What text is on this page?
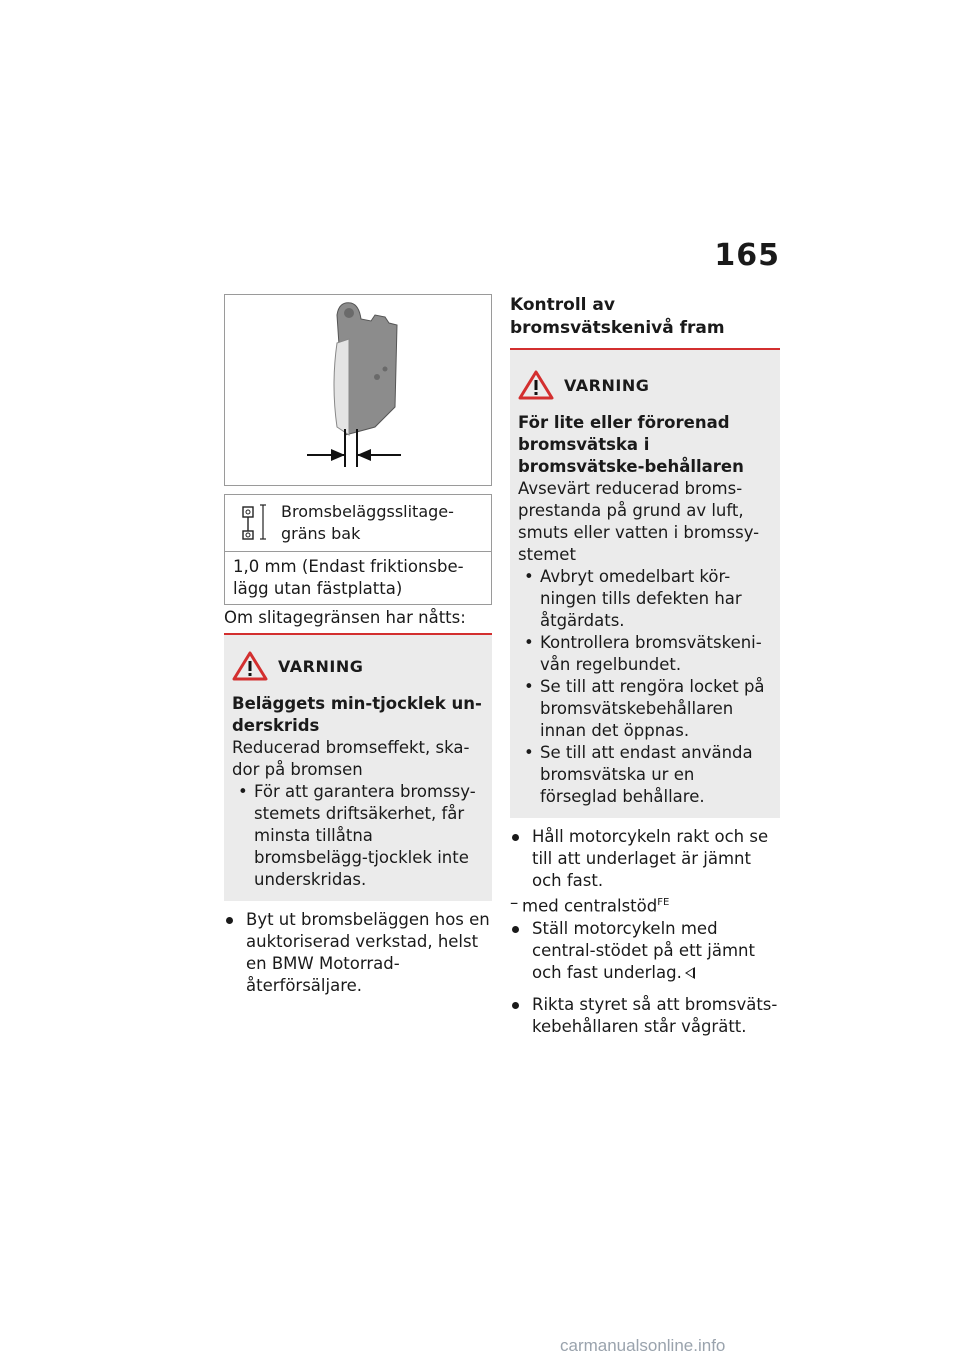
165
Bromsbeläggsslitage-gräns bak
1,0 mm (Endast friktionsbe-lägg utan fästplatta)
Om slitagegränsen har nåtts:
VARNING
Beläggets min-tjocklek un-derskrids
Reducerad bromseffekt, ska-dor på bromsen
• För att garantera bromssy-stemets driftsäkerhet, får minsta tillåtna bromsbelägg-tjocklek inte underskridas.
Byt ut bromsbeläggen hos en auktoriserad verkstad, helst en BMW Motorrad-återförsäljare.
Kontroll av bromsvätskenivå fram
VARNING
För lite eller förorenad bromsvätska i bromsvätske-behållaren
Avsevärt reducerad broms-prestanda på grund av luft, smuts eller vatten i bromssy-stemet
• Avbryt omedelbart kör-ningen tills defekten har åtgärdats.
• Kontrollera bromsvätskeni-vån regelbundet.
• Se till att rengöra locket på bromsvätskebehållaren innan det öppnas.
• Se till att endast använda bromsvätska ur en förseglad behållare.
Håll motorcykeln rakt och se till att underlaget är jämnt och fast.
– med centralstöd$^{FE}$
Ställ motorcykeln med central-stödet på ett jämnt och fast underlag.
Rikta styret så att bromsväts-kebehållaren står vågrätt.
carmanualsonline.info
